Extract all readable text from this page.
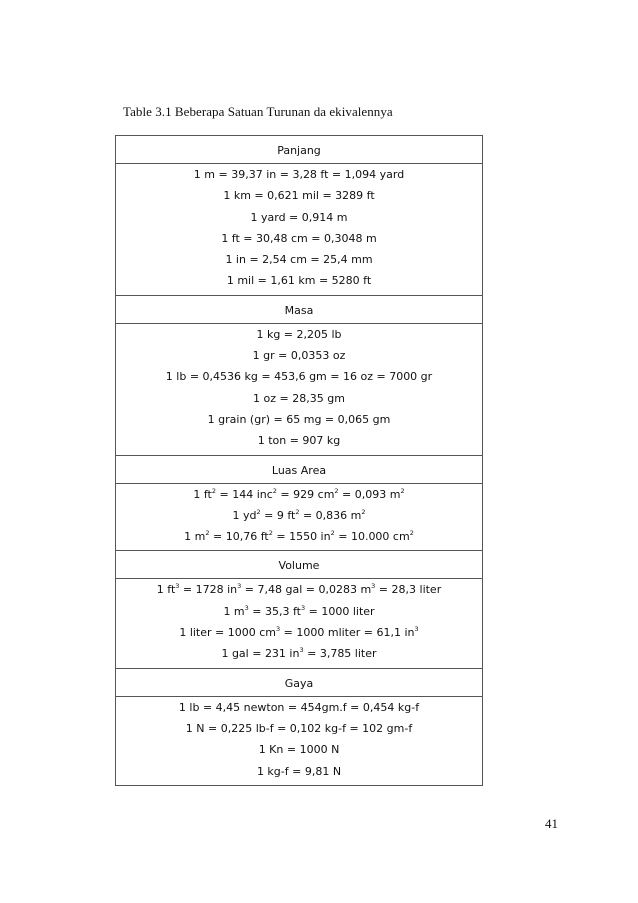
Table 3.1 Beberapa Satuan Turunan da ekivalennya
Panjang
1 m = 39,37 in = 3,28 ft = 1,094 yard
1 km = 0,621 mil = 3289 ft
1 yard = 0,914 m
1 ft = 30,48 cm = 0,3048 m
1 in = 2,54 cm = 25,4 mm
1 mil = 1,61 km = 5280 ft
Masa
1 kg = 2,205 lb
1 gr = 0,0353 oz
1 lb = 0,4536 kg = 453,6 gm = 16 oz = 7000 gr
1 oz = 28,35 gm
1 grain (gr) = 65 mg = 0,065 gm
1 ton = 907 kg
Luas Area
1 $ft^2 = 144$ inc$^2$ = 929 $cm^2 = 0,093$ $m^2$
1 $yd^2 = 9$ $ft^2 = 0,836$ $m^2$
1 $m^2 = 10,76$ $ft^2 = 1550$ $in^2 = 10.000$ $cm^2$
Volume
1 $ft^3 = 1728$ $in^3 = 7,48$ gal = 0,0283 $m^3 = 28,3$ liter
1 $m^3 = 35,3$ $ft^3 = 1000$ liter
1 liter = 1000 $cm^3 = 1000$ mliter = 61,1 $in^3$
1 gal = 231 $in^3 = 3,785$ liter
Gaya
1 lb = 4,45 newton = 454gm.f = 0,454 kg-f
1 N = 0,225 lb-f = 0,102 kg-f = 102 gm-f
1 Kn = 1000 N
1 kg-f = 9,81 N
41
